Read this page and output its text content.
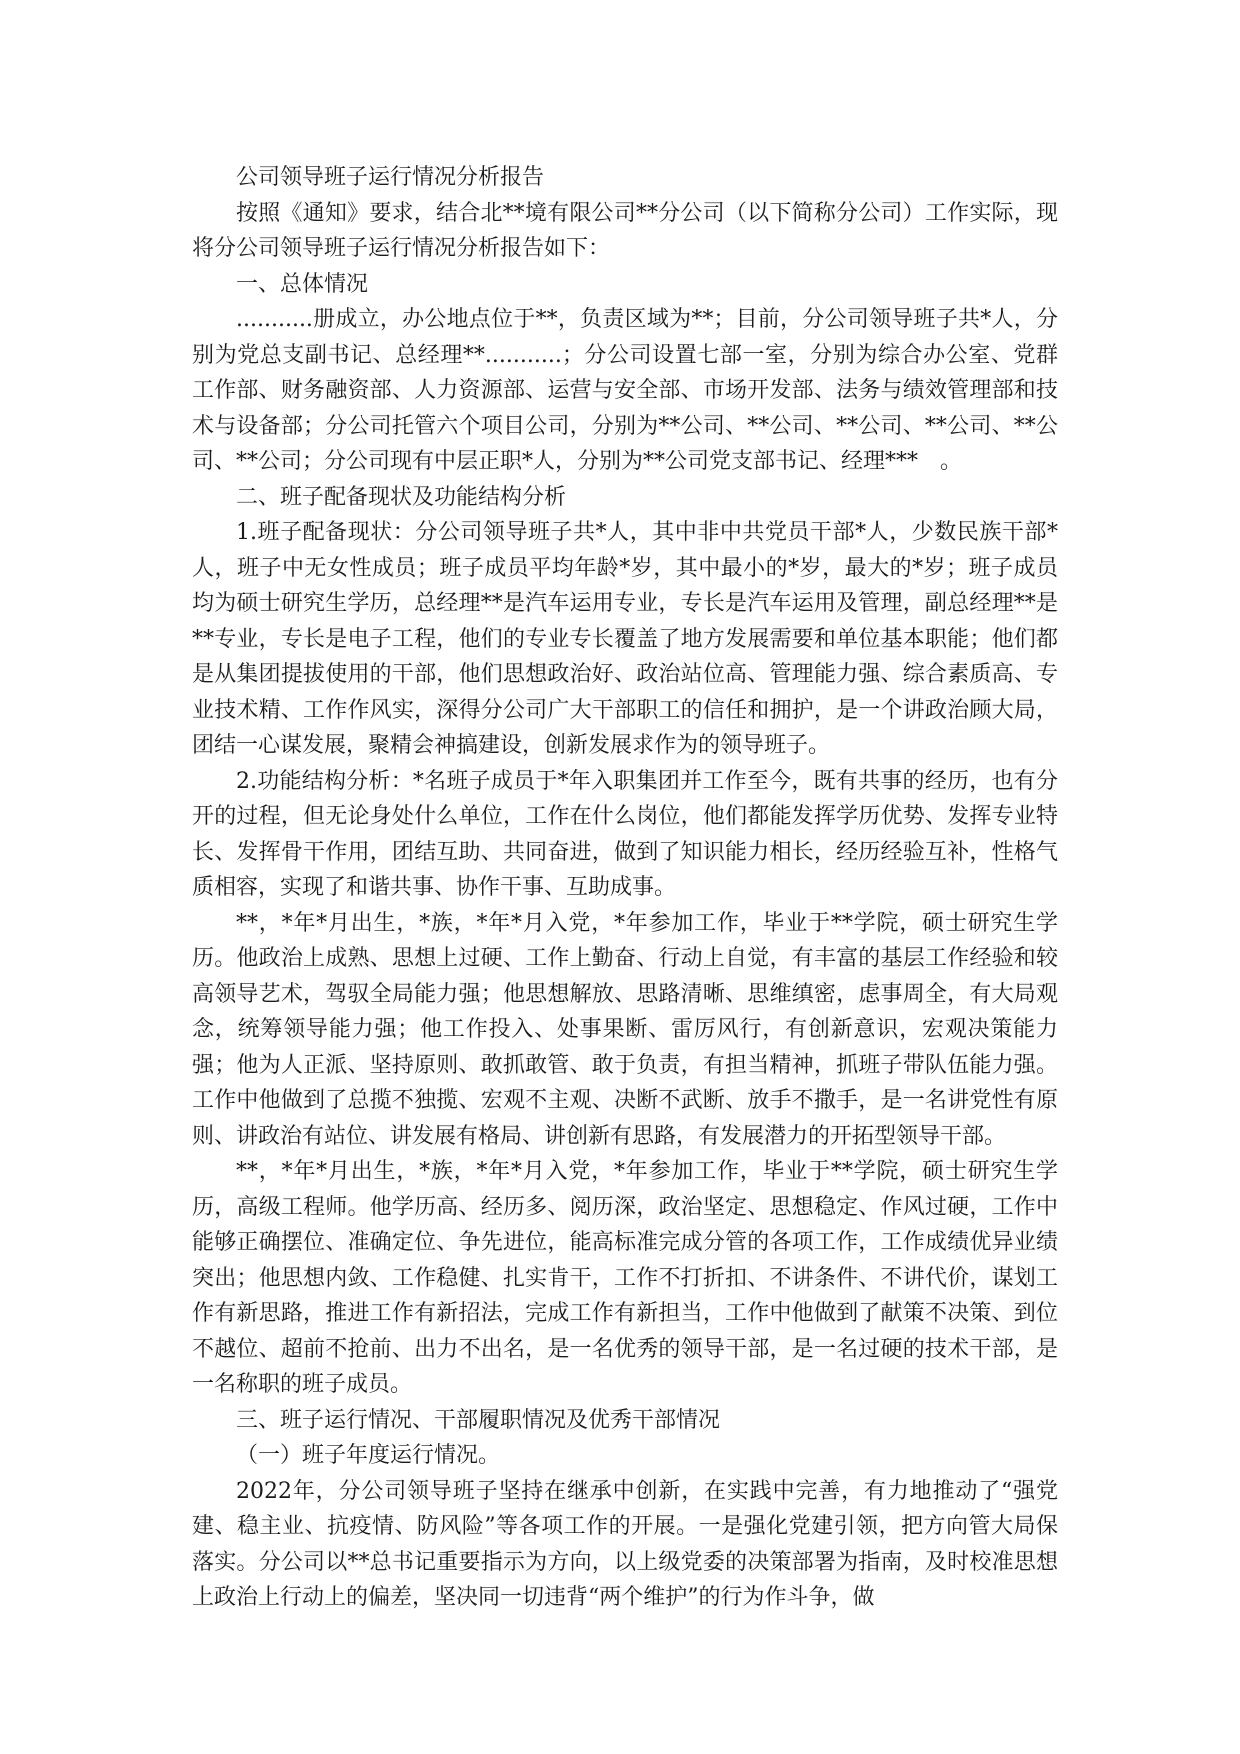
公司领导班子运行情况分析报告

按照《通知》要求，结合北**境有限公司**分公司（以下简称分公司）工作实际，现将分公司领导班子运行情况分析报告如下：

一、总体情况

...........册成立，办公地点位于**，负责区域为**；目前，分公司领导班子共*人，分别为党总支副书记、总经理**...........；分公司设置七部一室，分别为综合办公室、党群工作部、财务融资部、人力资源部、运营与安全部、市场开发部、法务与绩效管理部和技术与设备部；分公司托管六个项目公司，分别为**公司、**公司、**公司、**公司、**公司、**公司；分公司现有中层正职*人，分别为**公司党支部书记、经理***　。

二、班子配备现状及功能结构分析

1.班子配备现状：分公司领导班子共*人，其中非中共党员干部*人，少数民族干部*人，班子中无女性成员；班子成员平均年龄*岁，其中最小的*岁，最大的*岁；班子成员均为硕士研究生学历，总经理**是汽车运用专业，专长是汽车运用及管理，副总经理**是**专业，专长是电子工程，他们的专业专长覆盖了地方发展需要和单位基本职能；他们都是从集团提拔使用的干部，他们思想政治好、政治站位高、管理能力强、综合素质高、专业技术精、工作作风实，深得分公司广大干部职工的信任和拥护，是一个讲政治顾大局，团结一心谋发展，聚精会神搞建设，创新发展求作为的领导班子。

2.功能结构分析：*名班子成员于*年入职集团并工作至今，既有共事的经历，也有分开的过程，但无论身处什么单位，工作在什么岗位，他们都能发挥学历优势、发挥专业特长、发挥骨干作用，团结互助、共同奋进，做到了知识能力相长，经历经验互补，性格气质相容，实现了和谐共事、协作干事、互助成事。

**，*年*月出生，*族，*年*月入党，*年参加工作，毕业于**学院，硕士研究生学历。他政治上成熟、思想上过硬、工作上勤奋、行动上自觉，有丰富的基层工作经验和较高领导艺术，驾驭全局能力强；他思想解放、思路清晰、思维缜密，虑事周全，有大局观念，统筹领导能力强；他工作投入、处事果断、雷厉风行，有创新意识，宏观决策能力强；他为人正派、坚持原则、敢抓敢管、敢于负责，有担当精神，抓班子带队伍能力强。工作中他做到了总揽不独揽、宏观不主观、决断不武断、放手不撒手，是一名讲党性有原则、讲政治有站位、讲发展有格局、讲创新有思路，有发展潜力的开拓型领导干部。

**，*年*月出生，*族，*年*月入党，*年参加工作，毕业于**学院，硕士研究生学历，高级工程师。他学历高、经历多、阅历深，政治坚定、思想稳定、作风过硬，工作中能够正确摆位、准确定位、争先进位，能高标准完成分管的各项工作，工作成绩优异业绩突出；他思想内敛、工作稳健、扎实肯干，工作不打折扣、不讲条件、不讲代价，谋划工作有新思路，推进工作有新招法，完成工作有新担当，工作中他做到了献策不决策、到位不越位、超前不抢前、出力不出名，是一名优秀的领导干部，是一名过硬的技术干部，是一名称职的班子成员。

三、班子运行情况、干部履职情况及优秀干部情况

（一）班子年度运行情况。

2022年，分公司领导班子坚持在继承中创新，在实践中完善，有力地推动了“强党建、稳主业、抗疫情、防风险”等各项工作的开展。一是强化党建引领，把方向管大局保落实。分公司以**总书记重要指示为方向，以上级党委的决策部署为指南，及时校准思想上政治上行动上的偏差，坚决同一切违背“两个维护”的行为作斗争，做
